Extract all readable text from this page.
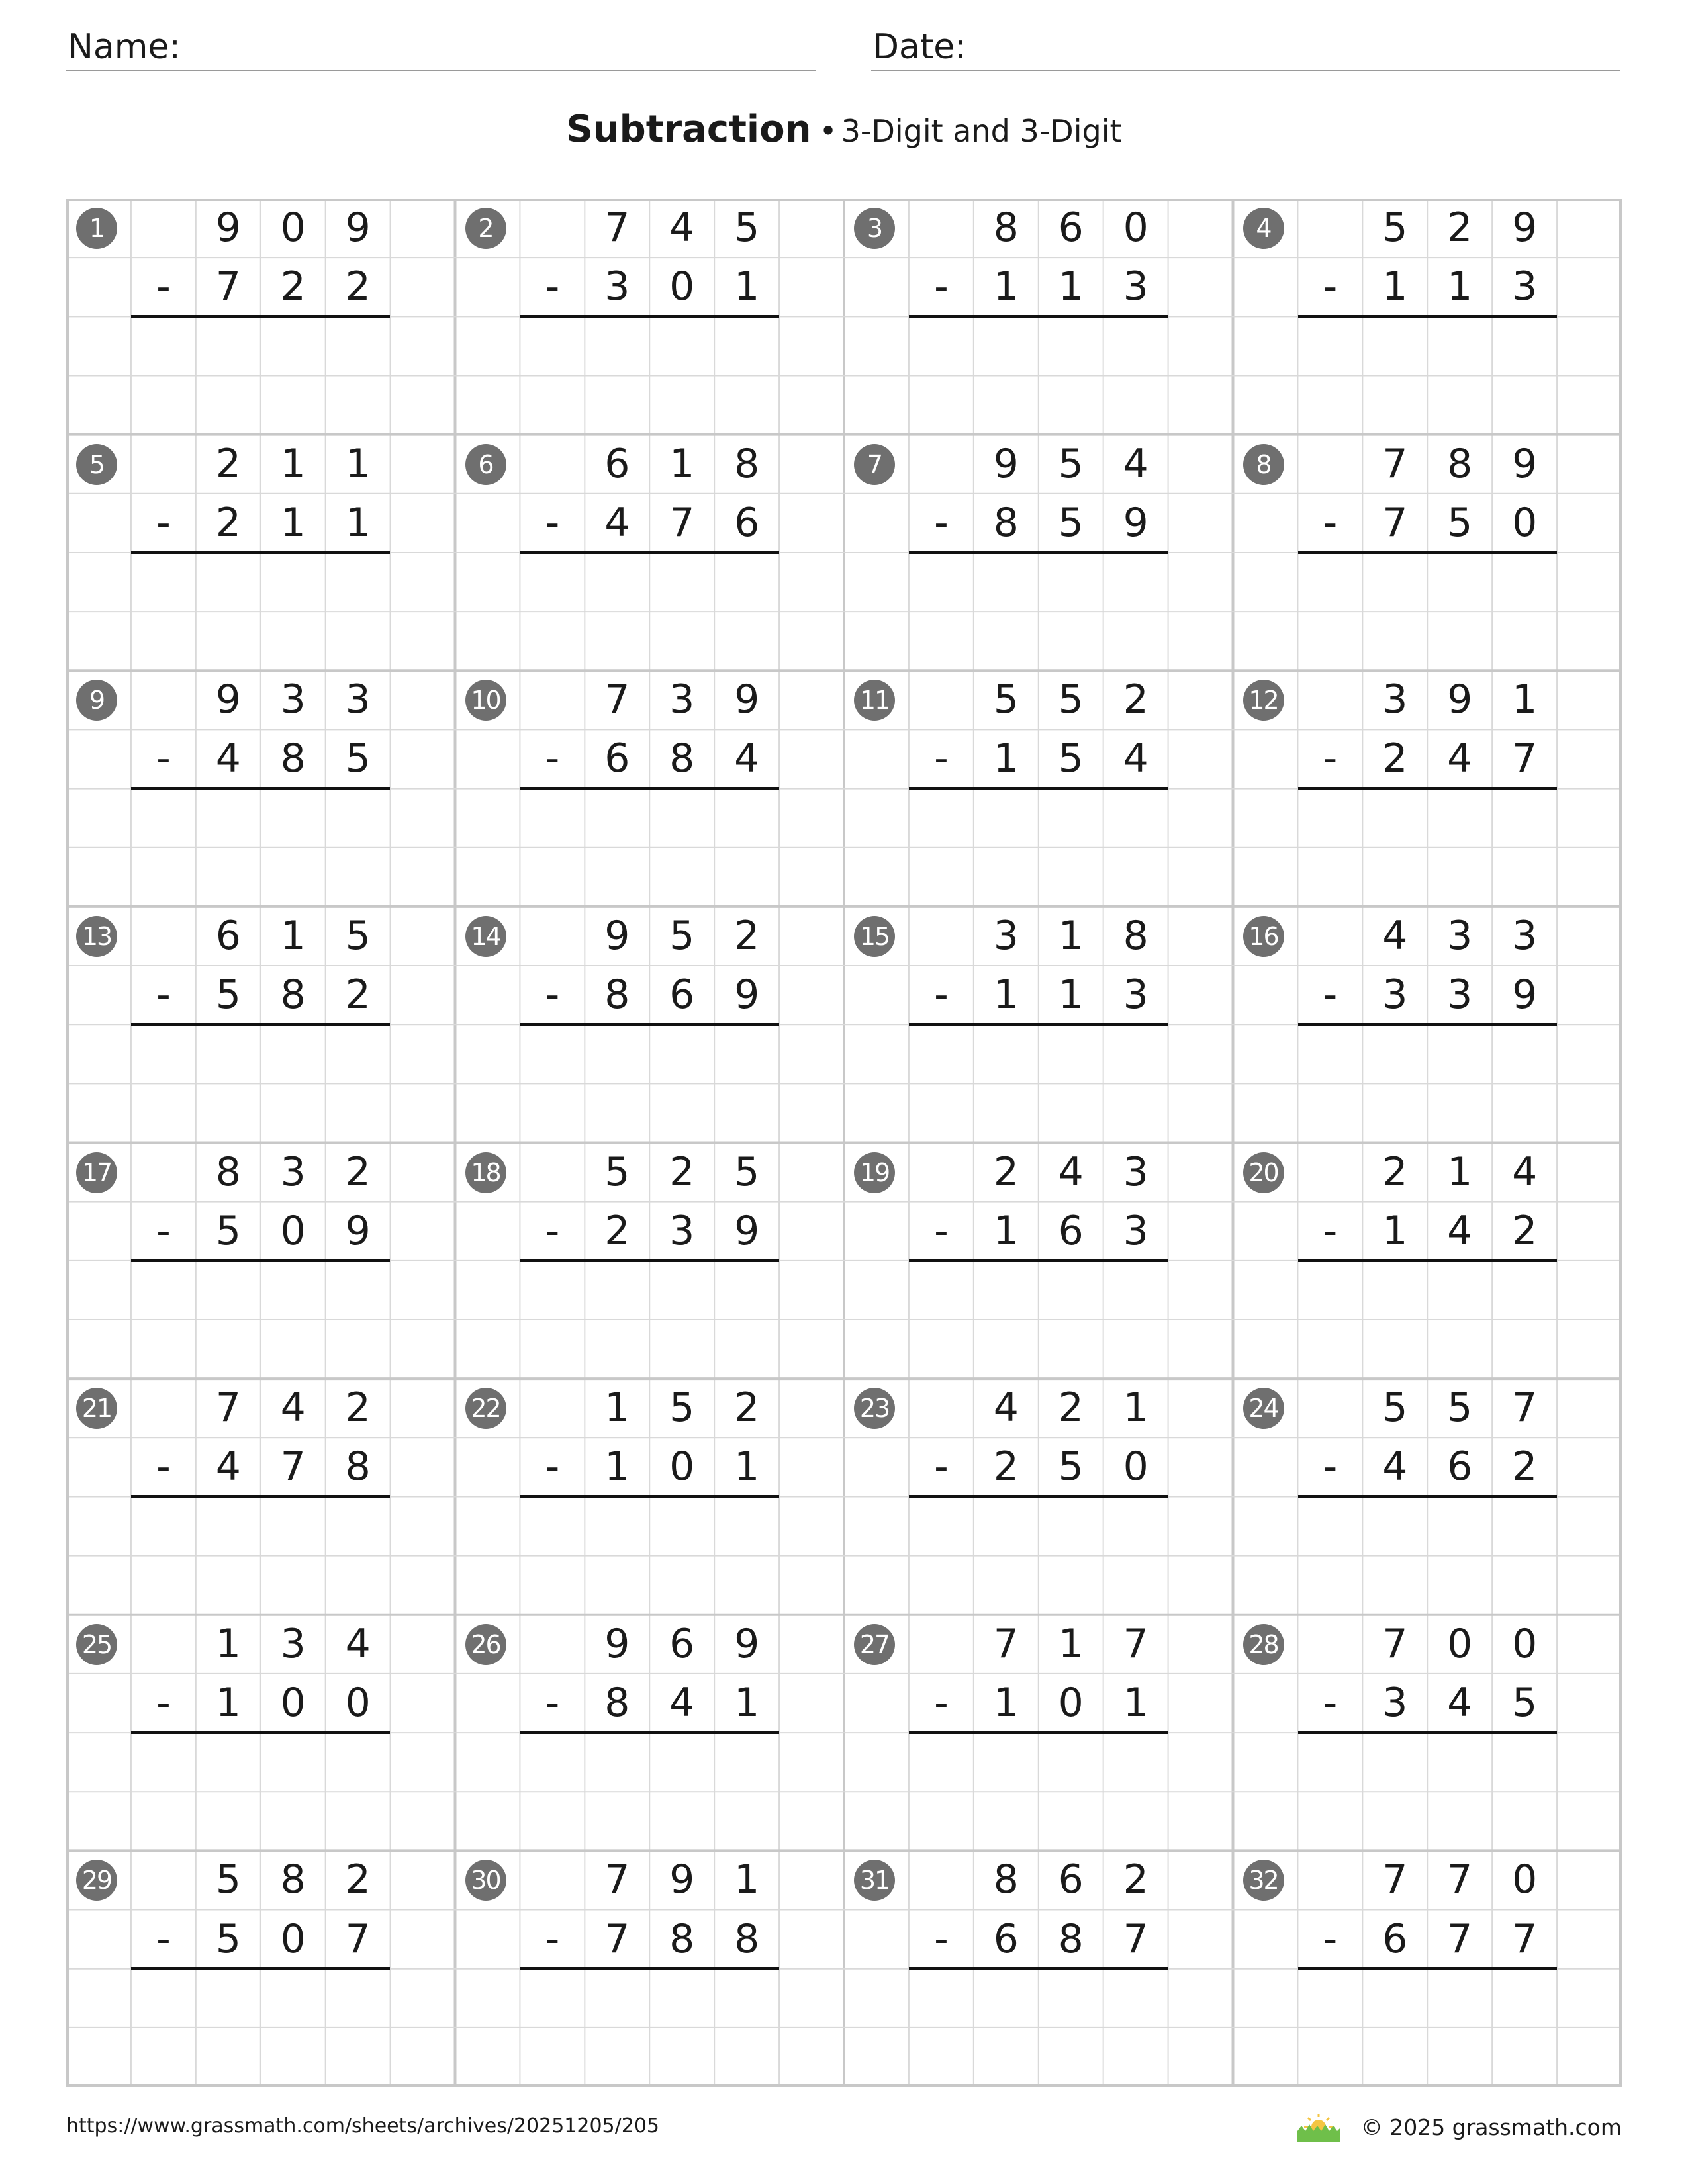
Name:	Date:
Subtraction • 3-Digit and 3-Digit
1	9 0 9
-	7 2 2
2	7 4 5
-	3 0 1
3	8 6 0
-	1 1 3
4	5 2 9
-	1 1 3
5	2 1 1
-	2 1 1
6	6 1 8
-	4 7 6
7	9 5 4
-	8 5 9
8	7 8 9
-	7 5 0
9	9 3 3
-	4 8 5
10	7 3 9
-	6 8 4
11	5 5 2
-	1 5 4
12	3 9 1
-	2 4 7
13	6 1 5
-	5 8 2
14	9 5 2
-	8 6 9
15	3 1 8
-	1 1 3
16	4 3 3
-	3 3 9
17	8 3 2
-	5 0 9
18	5 2 5
-	2 3 9
19	2 4 3
-	1 6 3
20	2 1 4
-	1 4 2
21	7 4 2
-	4 7 8
22	1 5 2
-	1 0 1
23	4 2 1
-	2 5 0
24	5 5 7
-	4 6 2
25	1 3 4
-	1 0 0
26	9 6 9
-	8 4 1
27	7 1 7
-	1 0 1
28	7 0 0
-	3 4 5
29	5 8 2
-	5 0 7
30	7 9 1
-	7 8 8
31	8 6 2
-	6 8 7
32	7 7 0
-	6 7 7
https://www.grassmath.com/sheets/archives/20251205/205	© 2025 grassmath.com
